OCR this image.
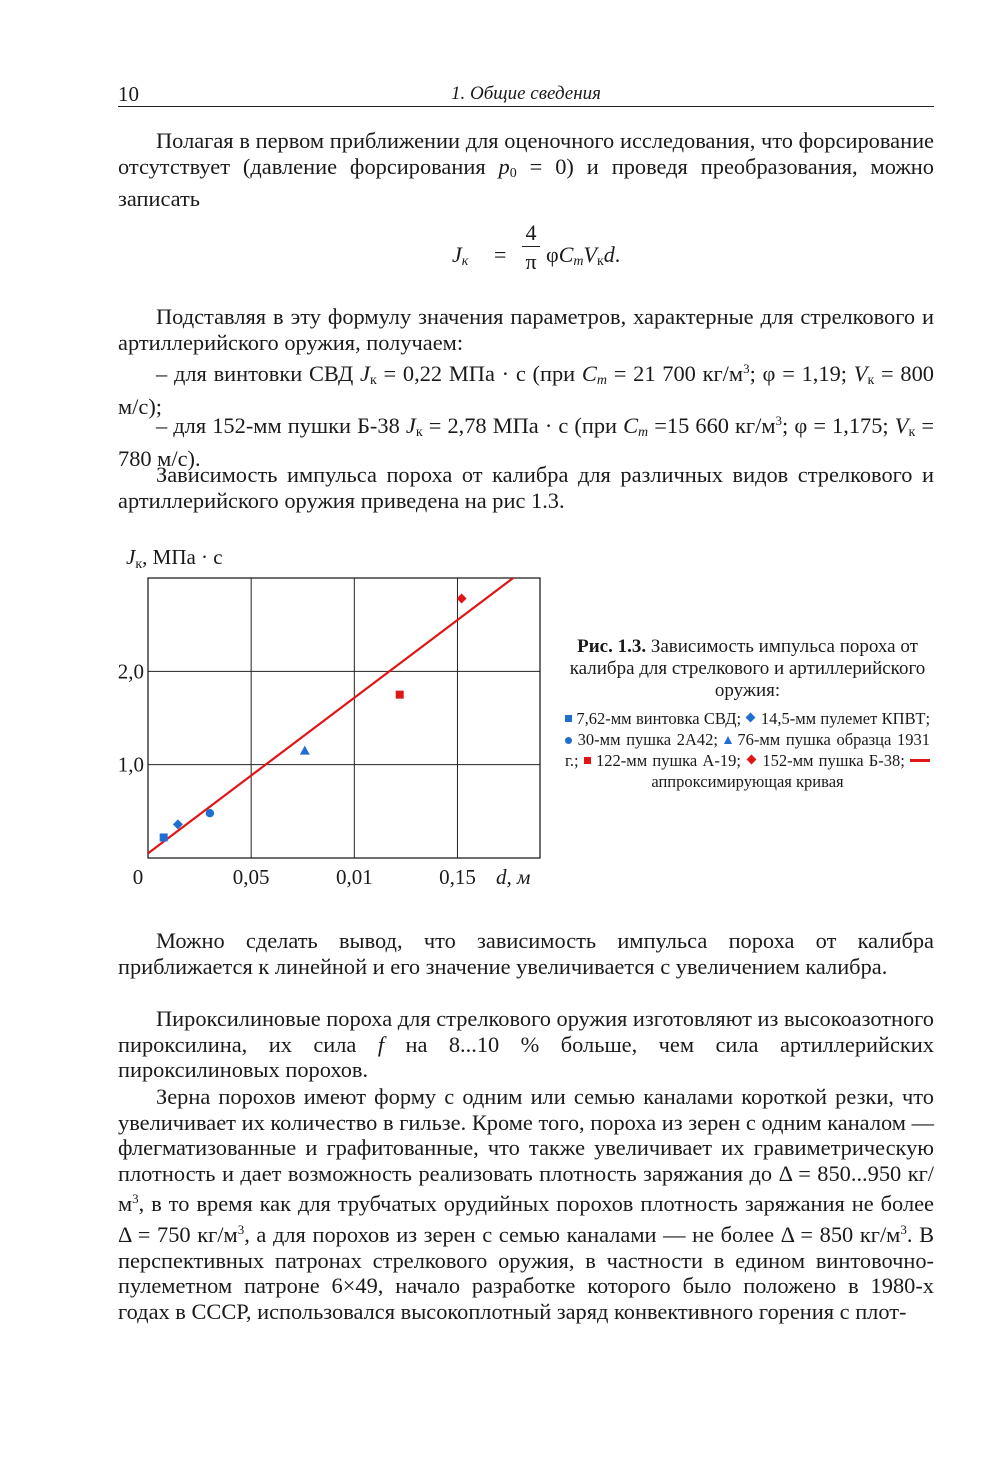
10	1. Общие сведения

Полагая в первом приближении для оценочного исследования, что форсирование отсутствует (давление форсирования $p_0 = 0$) и проведя преобразования, можно записать

$J_к$ =
4
π $\varphi C_mV_кd$.

Подставляя в эту формулу значения параметров, характерные для стрелкового и артиллерийского оружия, получаем:

– для винтовки СВД $J_к = 0,22$ МПа · с (при $C_m = 21$ 700 $кг/м^3$; φ = 1,19; $V_к = 800$ м/с);

– для 152-мм пушки Б-38 $J_к = 2,78$ МПа · с (при $C_m =15$ 660 $кг/м^3$; φ = 1,175; $V_к = 780$ м/с).

Зависимость импульса пороха от калибра для различных видов стрелкового и артиллерийского оружия приведена на рис 1.3.

0,05	0,01	0,15
0
1,0
2,0
Jк, МПа · с
d, м

Рис. 1.3. Зависимость импульса пороха от калибра для стрелкового и артиллерийского оружия:

7,62-мм винтовка СВД; 14,5-мм пулемет КПВТ;  30-мм пушка 2А42; 76-мм пушка образца 1931 г.; 122-мм пушка А-19; 152-мм пушка Б-38;  аппроксимирующая кривая

Можно сделать вывод, что зависимость импульса пороха от калибра приближается к линейной и его значение увеличивается с увеличением калибра.

Пироксилиновые пороха для стрелкового оружия изготовляют из высокоазотного пироксилина, их сила f на 8...10 % больше, чем сила артиллерийских пироксилиновых порохов.

Зерна порохов имеют форму с одним или семью каналами короткой резки, что увеличивает их количество в гильзе. Кроме того, пороха из зерен с одним каналом — флегматизованные и графитованные, что также увеличивает их гравиметрическую плотность и дает возможность реализовать плотность заряжания до Δ = 850...950 $кг/м^3$, в то время как для трубчатых орудийных порохов плотность заряжания не более Δ = 750 $кг/м^3$, а для порохов из зерен с семью каналами — не более Δ = 850 $кг/м^3$. В перспективных патронах стрелкового оружия, в частности в едином винтовочно-пулеметном патроне 6×49, начало разработке которого было положено в 1980-х годах в СССР, использовался высокоплотный заряд конвективного горения с плот-
